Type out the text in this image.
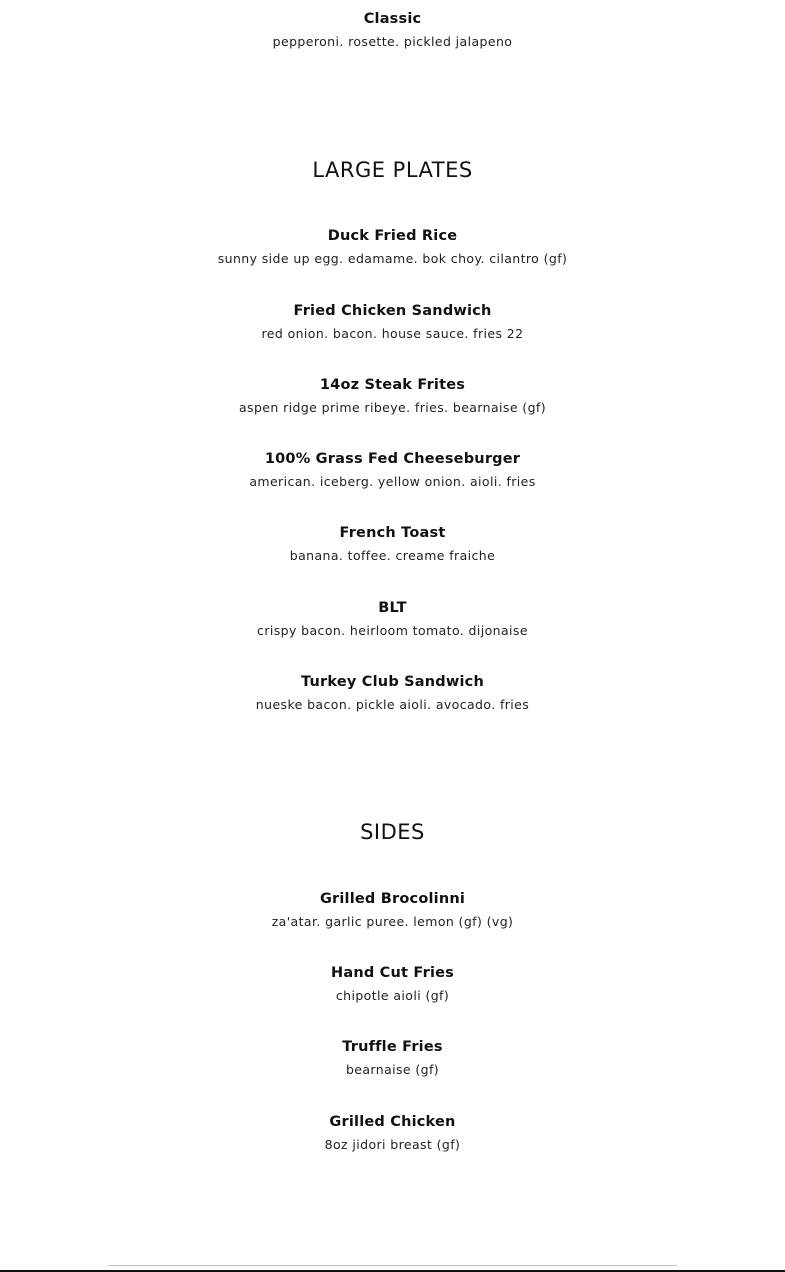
Classic
pepperoni. rosette. pickled jalapeno
LARGE PLATES
Duck Fried Rice
sunny side up egg. edamame. bok choy. cilantro (gf)
Fried Chicken Sandwich
red onion. bacon. house sauce. fries 22
14oz Steak Frites
aspen ridge prime ribeye. fries. bearnaise (gf)
100% Grass Fed Cheeseburger
american. iceberg. yellow onion. aioli. fries
French Toast
banana. toffee. creame fraiche
BLT
crispy bacon. heirloom tomato. dijonaise
Turkey Club Sandwich
nueske bacon. pickle aioli. avocado. fries
SIDES
Grilled Brocolinni
za'atar. garlic puree. lemon (gf) (vg)
Hand Cut Fries
chipotle aioli (gf)
Truffle Fries
bearnaise (gf)
Grilled Chicken
8oz jidori breast (gf)
